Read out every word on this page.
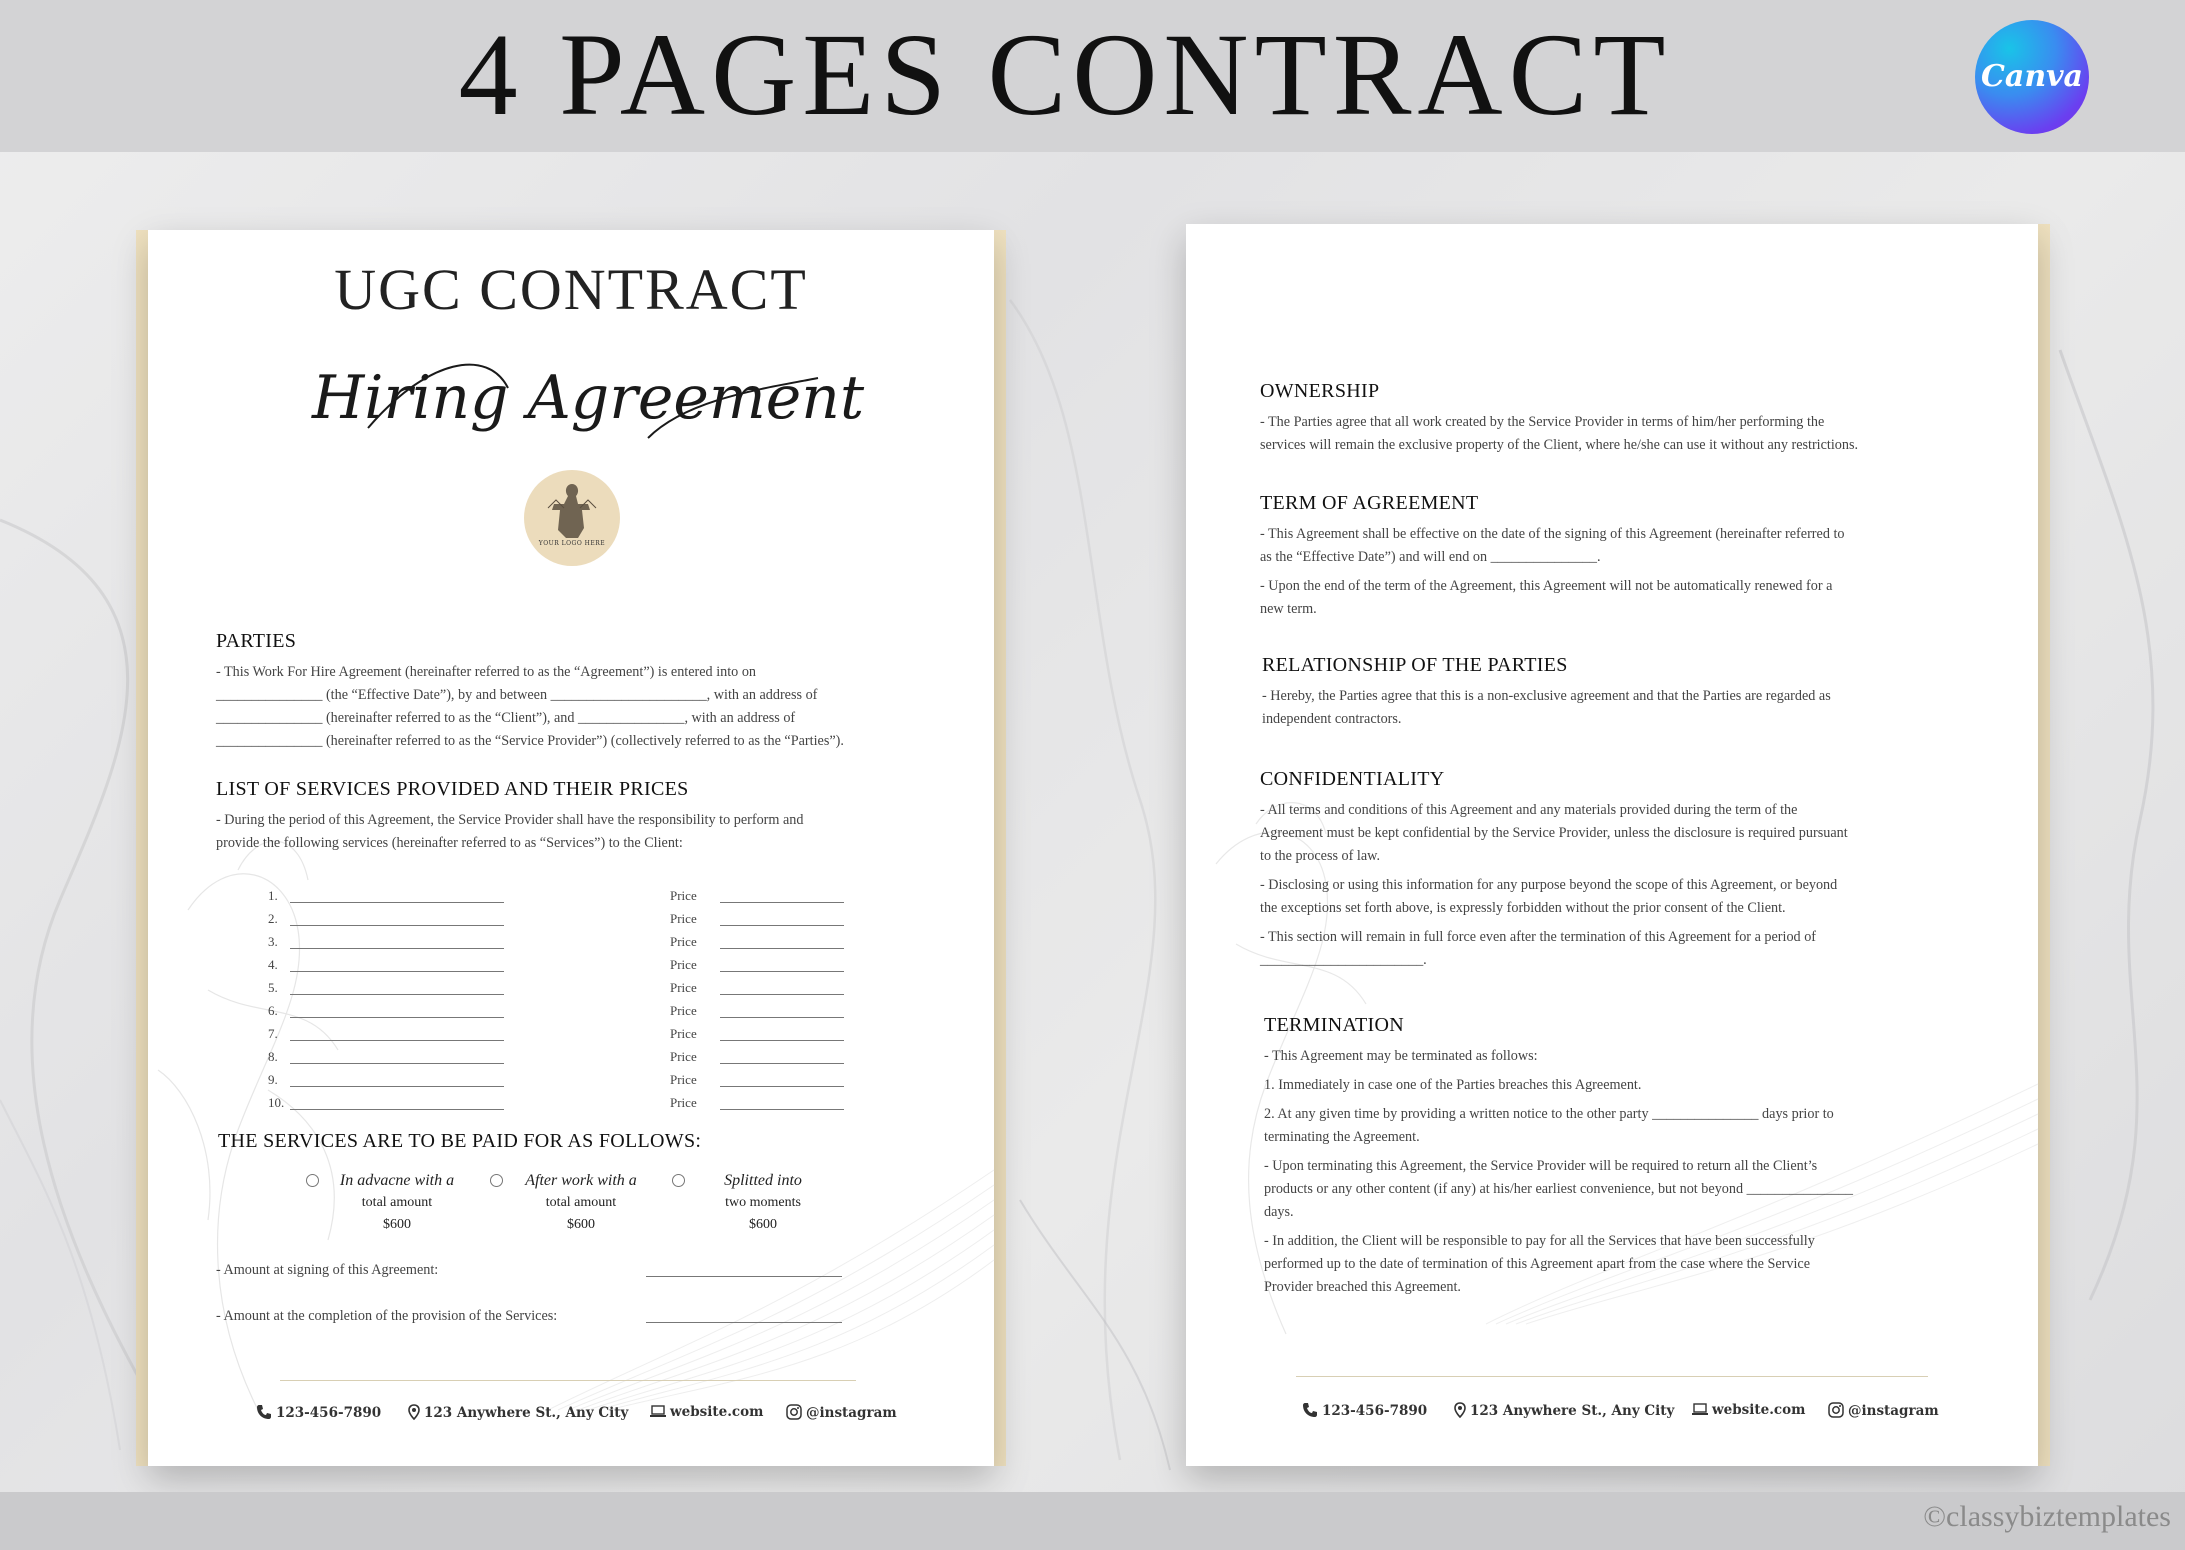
4 PAGES CONTRACT	Canva
UGC CONTRACT
Hiring Agreement
YOUR LOGO HERE
PARTIES

- This Work For Hire Agreement (hereinafter referred to as the “Agreement”) is entered into on
_______________ (the “Effective Date”), by and between ______________________, with an address of
_______________ (hereinafter referred to as the “Client”), and _______________, with an address of
_______________ (hereinafter referred to as the “Service Provider”) (collectively referred to as the “Parties”).

LIST OF SERVICES PROVIDED AND THEIR PRICES

- During the period of this Agreement, the Service Provider shall have the responsibility to perform and
provide the following services (hereinafter referred to as “Services”) to the Client:

1.	Price
2.	Price
3.	Price
4.	Price
5.	Price
6.	Price
7.	Price
8.	Price
9.	Price
10.	Price
THE SERVICES ARE TO BE PAID FOR AS FOLLOWS:
In advacne with a
total amount
$600
After work with a
total amount
$600
Splitted into
two moments
$600
- Amount at signing of this Agreement:
- Amount at the completion of the provision of the Services:
123-456-7890	123 Anywhere St., Any City	website.com	@instagram
OWNERSHIP

- The Parties agree that all work created by the Service Provider in terms of him/her performing the
services will remain the exclusive property of the Client, where he/she can use it without any restrictions.

TERM OF AGREEMENT

- This Agreement shall be effective on the date of the signing of this Agreement (hereinafter referred to
as the “Effective Date”) and will end on _______________.

- Upon the end of the term of the Agreement, this Agreement will not be automatically renewed for a
new term.

RELATIONSHIP OF THE PARTIES

- Hereby, the Parties agree that this is a non-exclusive agreement and that the Parties are regarded as
independent contractors.

CONFIDENTIALITY

- All terms and conditions of this Agreement and any materials provided during the term of the
Agreement must be kept confidential by the Service Provider, unless the disclosure is required pursuant
to the process of law.

- Disclosing or using this information for any purpose beyond the scope of this Agreement, or beyond
the exceptions set forth above, is expressly forbidden without the prior consent of the Client.

- This section will remain in full force even after the termination of this Agreement for a period of
_______________________.

TERMINATION

- This Agreement may be terminated as follows:

1. Immediately in case one of the Parties breaches this Agreement.

2. At any given time by providing a written notice to the other party _______________ days prior to
terminating the Agreement.

- Upon terminating this Agreement, the Service Provider will be required to return all the Client’s
products or any other content (if any) at his/her earliest convenience, but not beyond _______________
days.

- In addition, the Client will be responsible to pay for all the Services that have been successfully
performed up to the date of termination of this Agreement apart from the case where the Service
Provider breached this Agreement.

123-456-7890	123 Anywhere St., Any City	website.com	@instagram
©classybiztemplates
